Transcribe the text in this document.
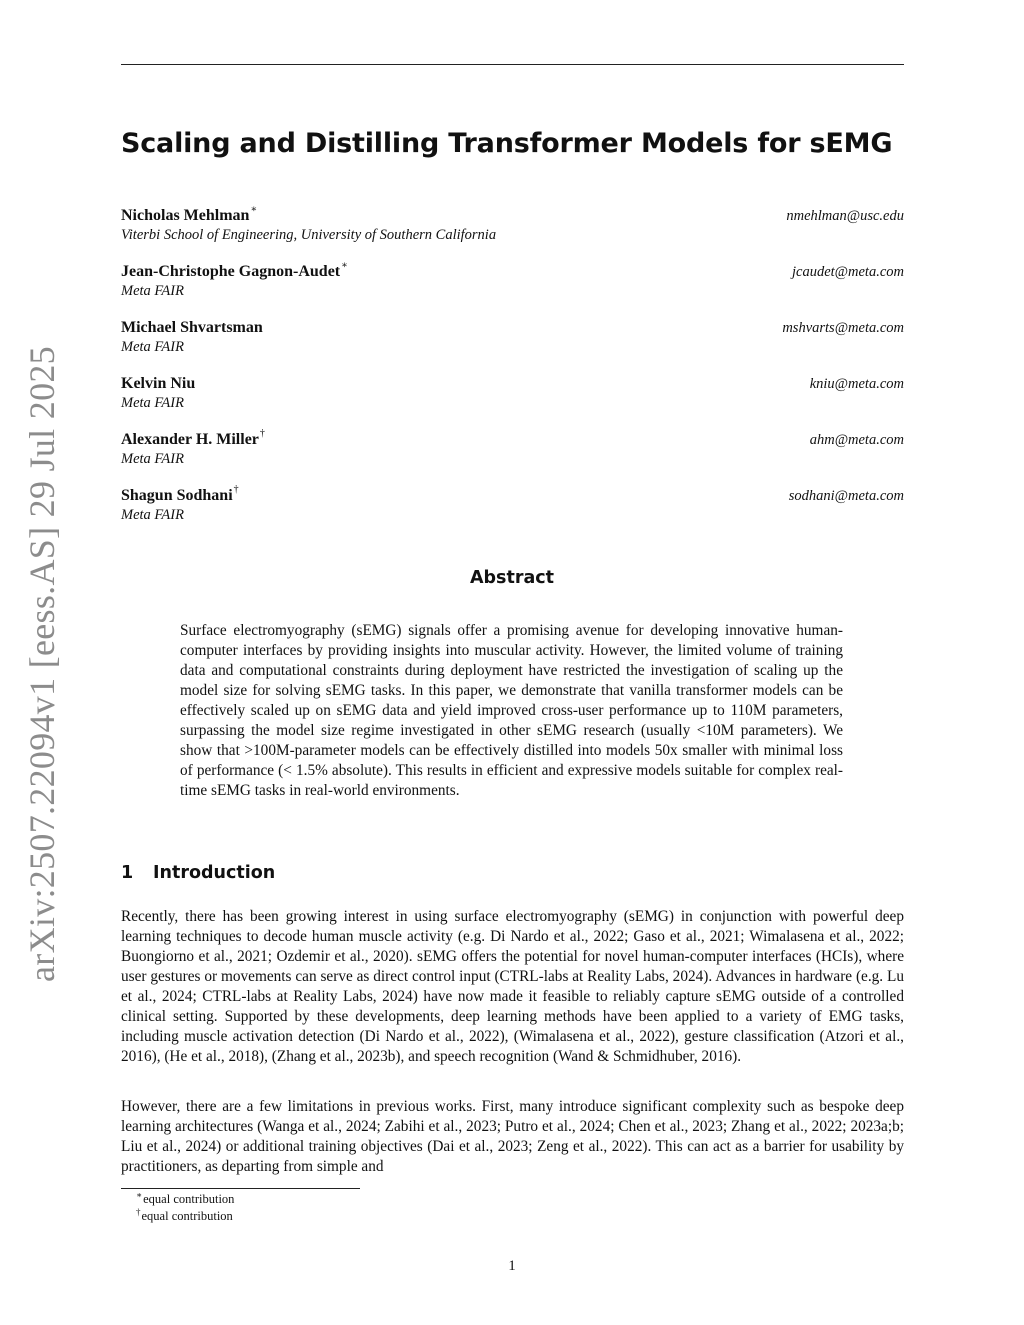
arXiv:2507.22094v1 [eess.AS] 29 Jul 2025
Scaling and Distilling Transformer Models for sEMG
Nicholas Mehlman∗	nmehlman@usc.edu
Viterbi School of Engineering, University of Southern California
Jean-Christophe Gagnon-Audet∗	jcaudet@meta.com
Meta FAIR
Michael Shvartsman	mshvarts@meta.com
Meta FAIR
Kelvin Niu	kniu@meta.com
Meta FAIR
Alexander H. Miller†	ahm@meta.com
Meta FAIR
Shagun Sodhani†	sodhani@meta.com
Meta FAIR
Abstract

Surface electromyography (sEMG) signals offer a promising avenue for developing innovative human-computer interfaces by providing insights into muscular activity. However, the limited volume of training data and computational constraints during deployment have restricted the investigation of scaling up the model size for solving sEMG tasks. In this paper, we demonstrate that vanilla transformer models can be effectively scaled up on sEMG data and yield improved cross-user performance up to 110M parameters, surpassing the model size regime investigated in other sEMG research (usually <10M parameters). We show that >100M-parameter models can be effectively distilled into models 50x smaller with minimal loss of performance (< 1.5% absolute). This results in efficient and expressive models suitable for complex real-time sEMG tasks in real-world environments.

1 Introduction

Recently, there has been growing interest in using surface electromyography (sEMG) in conjunction with powerful deep learning techniques to decode human muscle activity (e.g. Di Nardo et al., 2022; Gaso et al., 2021; Wimalasena et al., 2022; Buongiorno et al., 2021; Ozdemir et al., 2020). sEMG offers the potential for novel human-computer interfaces (HCIs), where user gestures or movements can serve as direct control input (CTRL-labs at Reality Labs, 2024). Advances in hardware (e.g. Lu et al., 2024; CTRL-labs at Reality Labs, 2024) have now made it feasible to reliably capture sEMG outside of a controlled clinical setting. Supported by these developments, deep learning methods have been applied to a variety of EMG tasks, including muscle activation detection (Di Nardo et al., 2022), (Wimalasena et al., 2022), gesture classification (Atzori et al., 2016), (He et al., 2018), (Zhang et al., 2023b), and speech recognition (Wand & Schmidhuber, 2016).

However, there are a few limitations in previous works. First, many introduce significant complexity such as bespoke deep learning architectures (Wanga et al., 2024; Zabihi et al., 2023; Putro et al., 2024; Chen et al., 2023; Zhang et al., 2022; 2023a;b; Liu et al., 2024) or additional training objectives (Dai et al., 2023; Zeng et al., 2022). This can act as a barrier for usability by practitioners, as departing from simple and

∗equal contribution
†equal contribution
1
